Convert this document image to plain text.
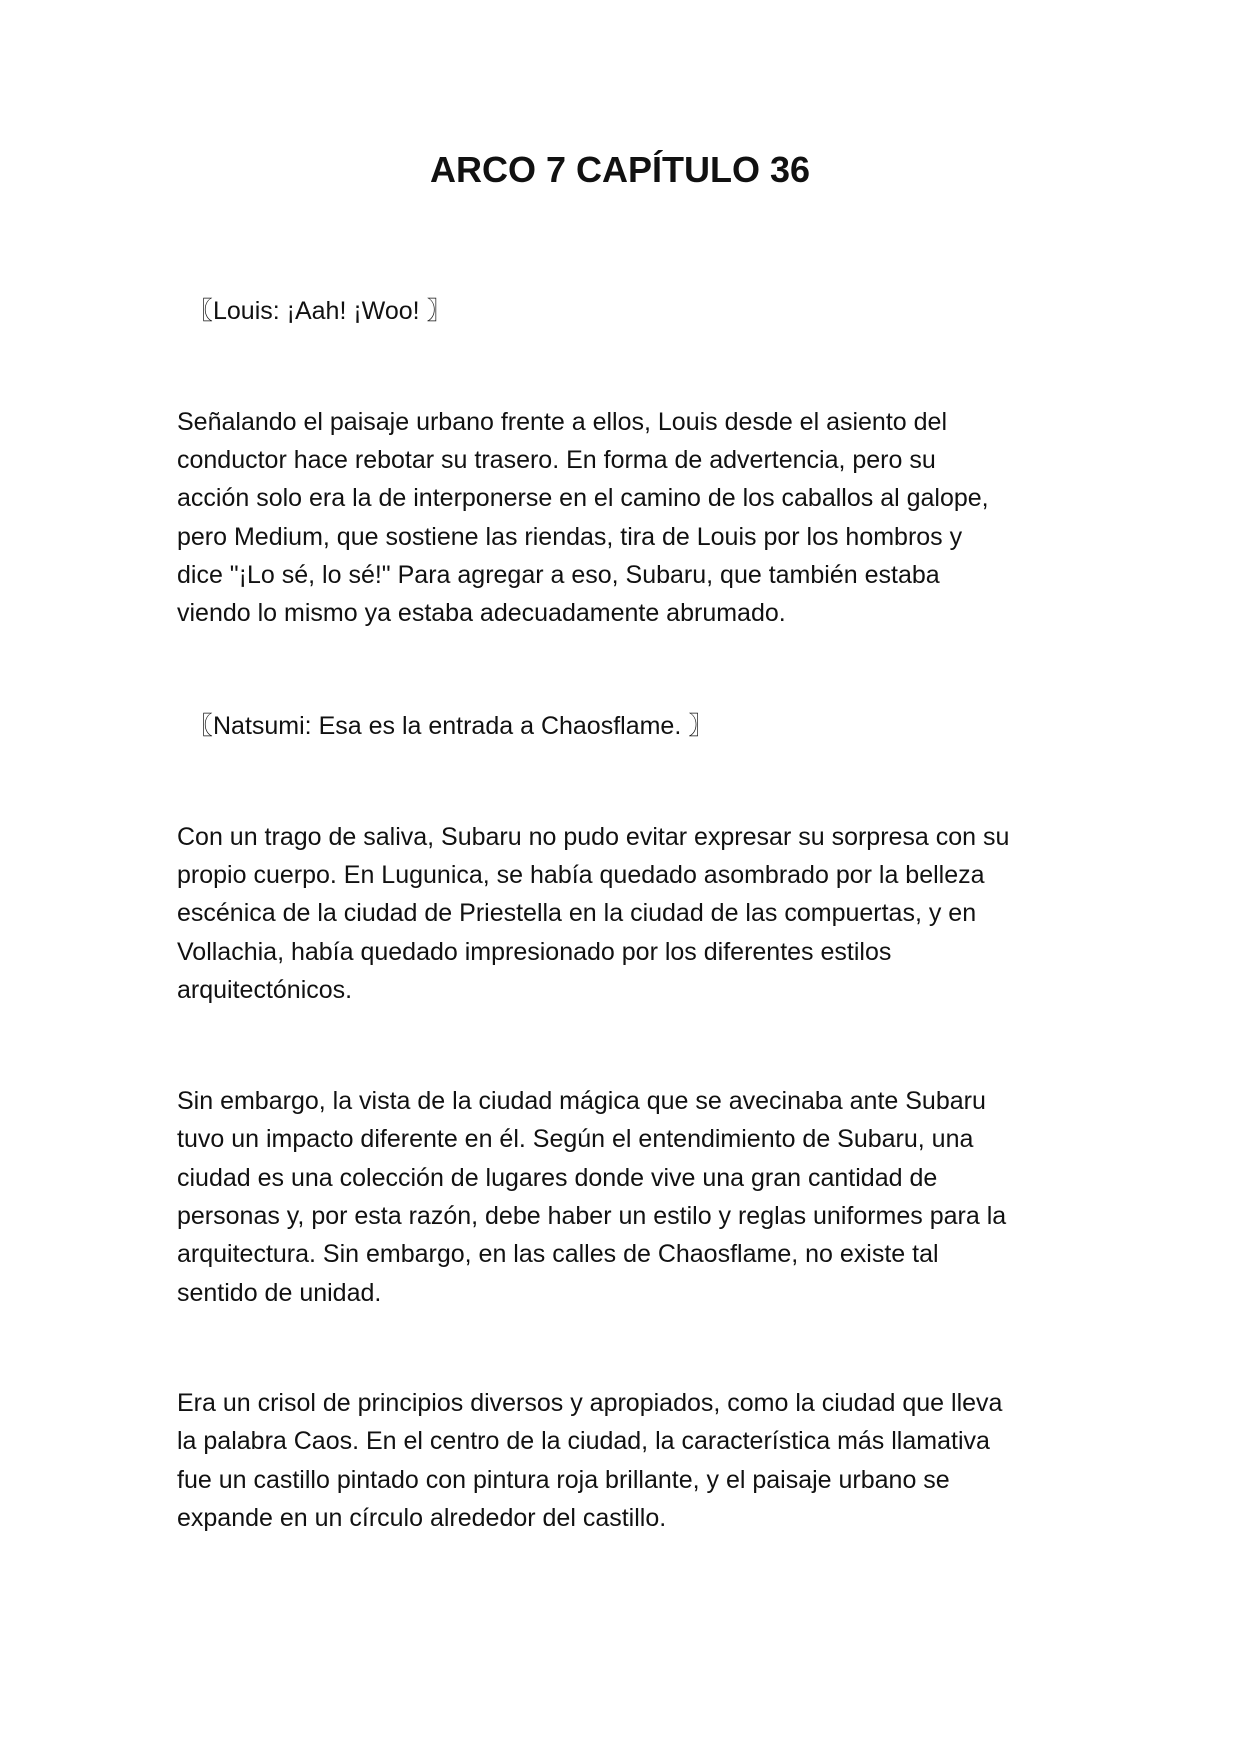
ARCO 7 CAPÍTULO 36

〖Louis: ¡Aah! ¡Woo! 〗

Señalando el paisaje urbano frente a ellos, Louis desde el asiento del

conductor hace rebotar su trasero. En forma de advertencia, pero su

acción solo era la de interponerse en el camino de los caballos al galope,

pero Medium, que sostiene las riendas, tira de Louis por los hombros y

dice "¡Lo sé, lo sé!" Para agregar a eso, Subaru, que también estaba

viendo lo mismo ya estaba adecuadamente abrumado.

〖Natsumi: Esa es la entrada a Chaosflame. 〗

Con un trago de saliva, Subaru no pudo evitar expresar su sorpresa con su

propio cuerpo. En Lugunica, se había quedado asombrado por la belleza

escénica de la ciudad de Priestella en la ciudad de las compuertas, y en

Vollachia, había quedado impresionado por los diferentes estilos

arquitectónicos.

Sin embargo, la vista de la ciudad mágica que se avecinaba ante Subaru

tuvo un impacto diferente en él. Según el entendimiento de Subaru, una

ciudad es una colección de lugares donde vive una gran cantidad de

personas y, por esta razón, debe haber un estilo y reglas uniformes para la

arquitectura. Sin embargo, en las calles de Chaosflame, no existe tal

sentido de unidad.

Era un crisol de principios diversos y apropiados, como la ciudad que lleva

la palabra Caos. En el centro de la ciudad, la característica más llamativa

fue un castillo pintado con pintura roja brillante, y el paisaje urbano se

expande en un círculo alrededor del castillo.
